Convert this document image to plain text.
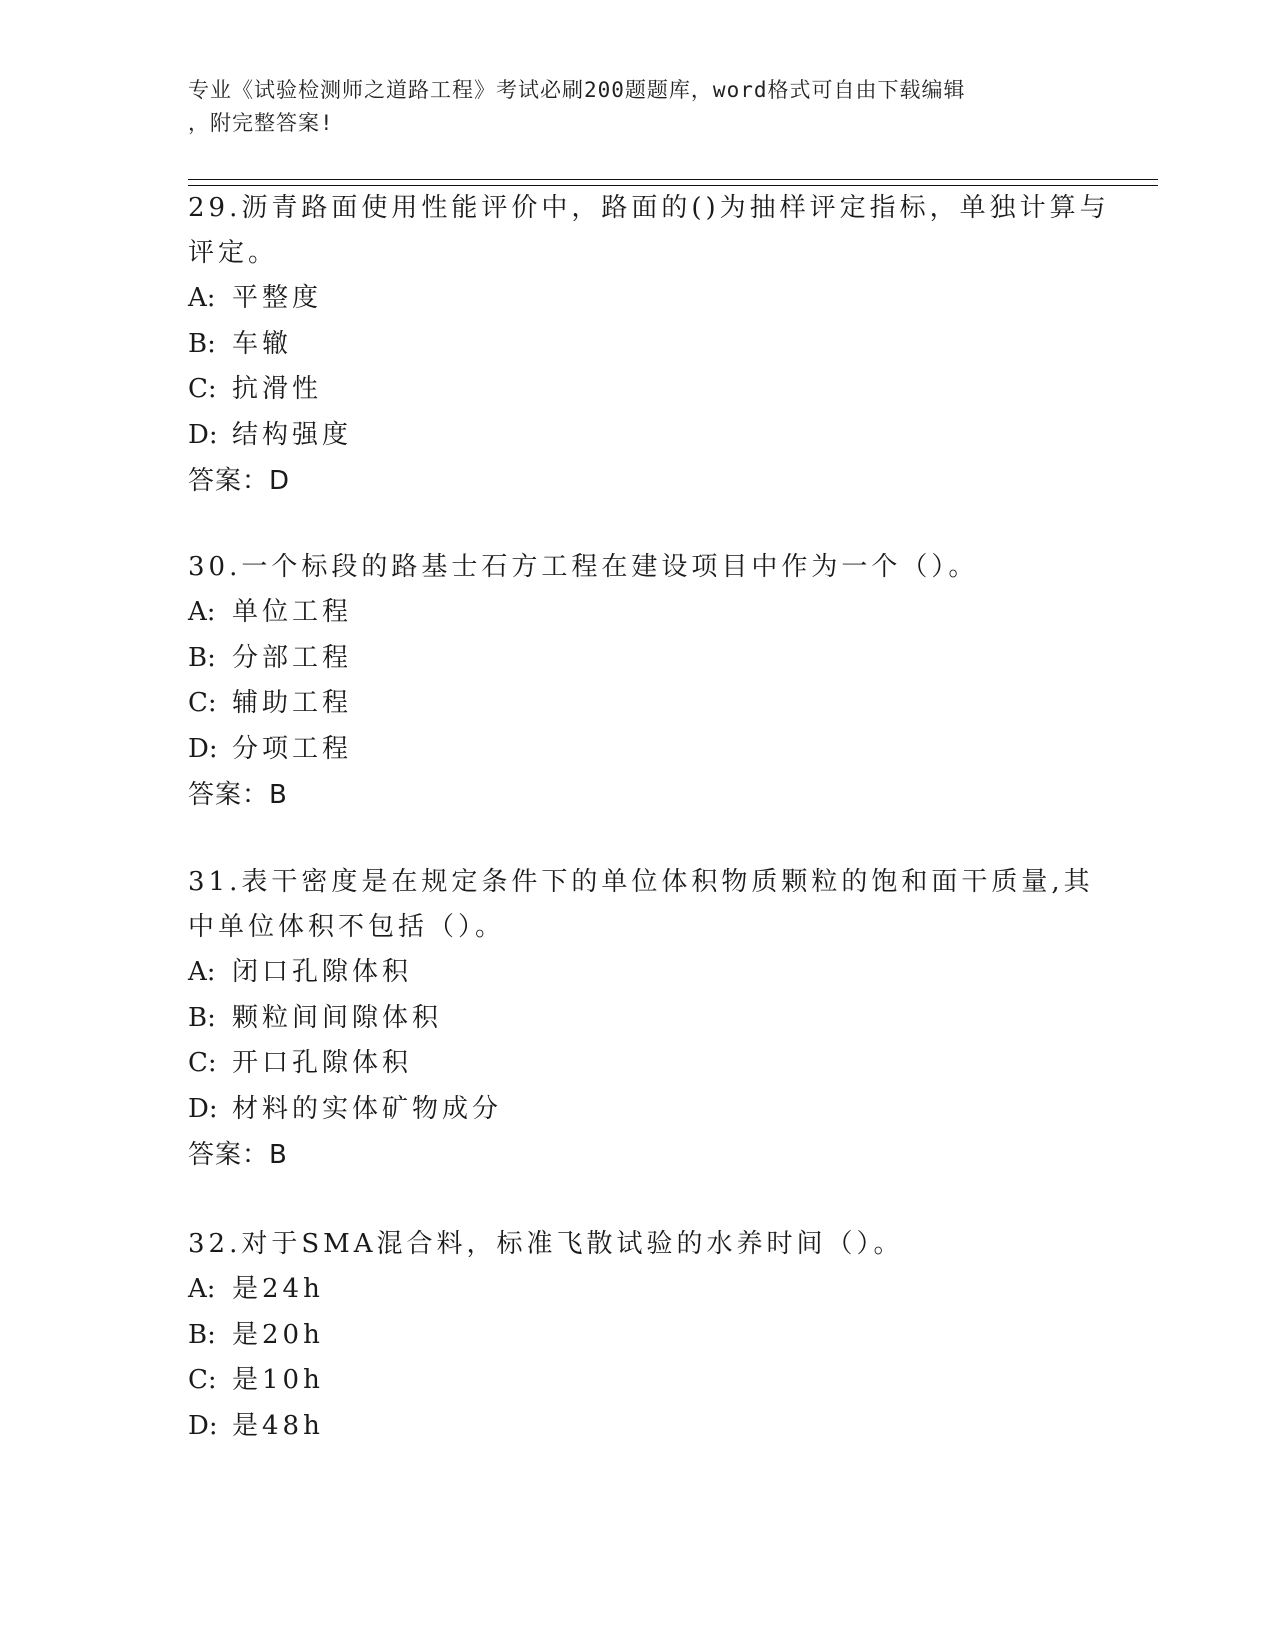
专业《试验检测师之道路工程》考试必刷200题题库，word格式可自由下载编辑
，附完整答案!
29.沥青路面使用性能评价中，路面的()为抽样评定指标，单独计算与
评定。
A: 平整度
B: 车辙
C: 抗滑性
D: 结构强度
答案：D
30.一个标段的路基士石方工程在建设项目中作为一个（）。
A: 单位工程
B: 分部工程
C: 辅助工程
D: 分项工程
答案：B
31.表干密度是在规定条件下的单位体积物质颗粒的饱和面干质量,其
中单位体积不包括（）。
A: 闭口孔隙体积
B: 颗粒间间隙体积
C: 开口孔隙体积
D: 材料的实体矿物成分
答案：B
32.对于SMA混合料，标准飞散试验的水养时间（）。
A: 是24h
B: 是20h
C: 是10h
D: 是48h
